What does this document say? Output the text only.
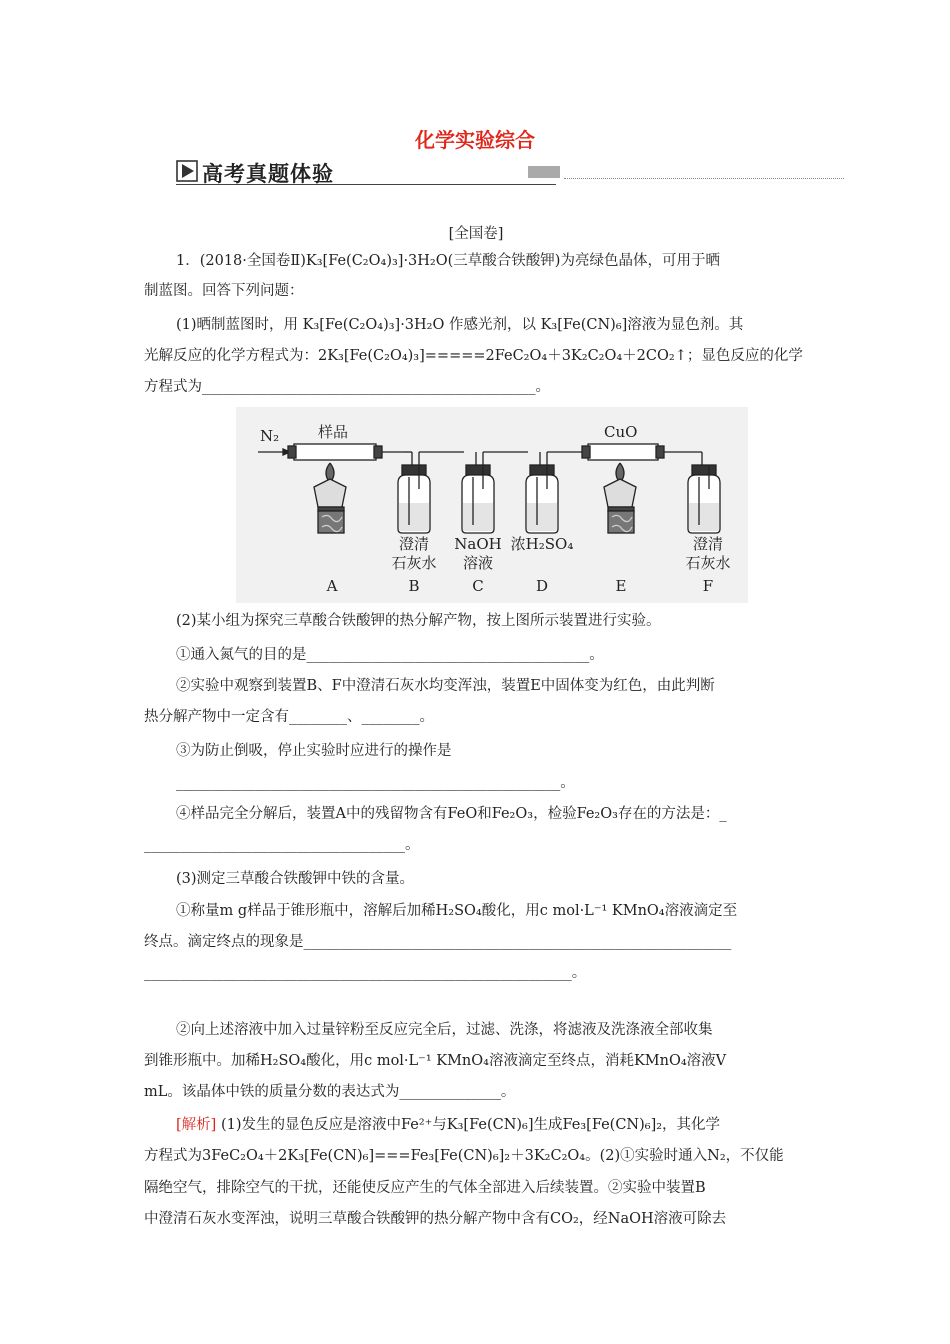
化学实验综合
高考真题体验
[全国卷]
1．(2018·全国卷Ⅱ)K₃[Fe(C₂O₄)₃]·3H₂O(三草酸合铁酸钾)为亮绿色晶体，可用于晒
制蓝图。回答下列问题：
(1)晒制蓝图时，用 K₃[Fe(C₂O₄)₃]·3H₂O 作感光剂，以 K₃[Fe(CN)₆]溶液为显色剂。其
光解反应的化学方程式为：2K₃[Fe(C₂O₄)₃]=====2FeC₂O₄＋3K₂C₂O₄＋2CO₂↑；显色反应的化学
方程式为______________________________________________。
N₂	样品	CuO
澄清
石灰水
NaOH
溶液
浓H₂SO₄	澄清
石灰水
A	B	C	D	E	F
(2)某小组为探究三草酸合铁酸钾的热分解产物，按上图所示装置进行实验。
①通入氮气的目的是_______________________________________。
②实验中观察到装置B、F中澄清石灰水均变浑浊，装置E中固体变为红色，由此判断
热分解产物中一定含有________、________。
③为防止倒吸，停止实验时应进行的操作是
_____________________________________________________。
④样品完全分解后，装置A中的残留物含有FeO和Fe₂O₃，检验Fe₂O₃存在的方法是：_
____________________________________。
(3)测定三草酸合铁酸钾中铁的含量。
①称量m g样品于锥形瓶中，溶解后加稀H₂SO₄酸化，用c mol·L⁻¹ KMnO₄溶液滴定至
终点。滴定终点的现象是___________________________________________________________
___________________________________________________________。
②向上述溶液中加入过量锌粉至反应完全后，过滤、洗涤，将滤液及洗涤液全部收集
到锥形瓶中。加稀H₂SO₄酸化，用c mol·L⁻¹ KMnO₄溶液滴定至终点，消耗KMnO₄溶液V
mL。该晶体中铁的质量分数的表达式为______________。
[解析] (1)发生的显色反应是溶液中Fe²⁺与K₃[Fe(CN)₆]生成Fe₃[Fe(CN)₆]₂，其化学
方程式为3FeC₂O₄＋2K₃[Fe(CN)₆]===Fe₃[Fe(CN)₆]₂＋3K₂C₂O₄。(2)①实验时通入N₂，不仅能
隔绝空气，排除空气的干扰，还能使反应产生的气体全部进入后续装置。②实验中装置B
中澄清石灰水变浑浊，说明三草酸合铁酸钾的热分解产物中含有CO₂，经NaOH溶液可除去
